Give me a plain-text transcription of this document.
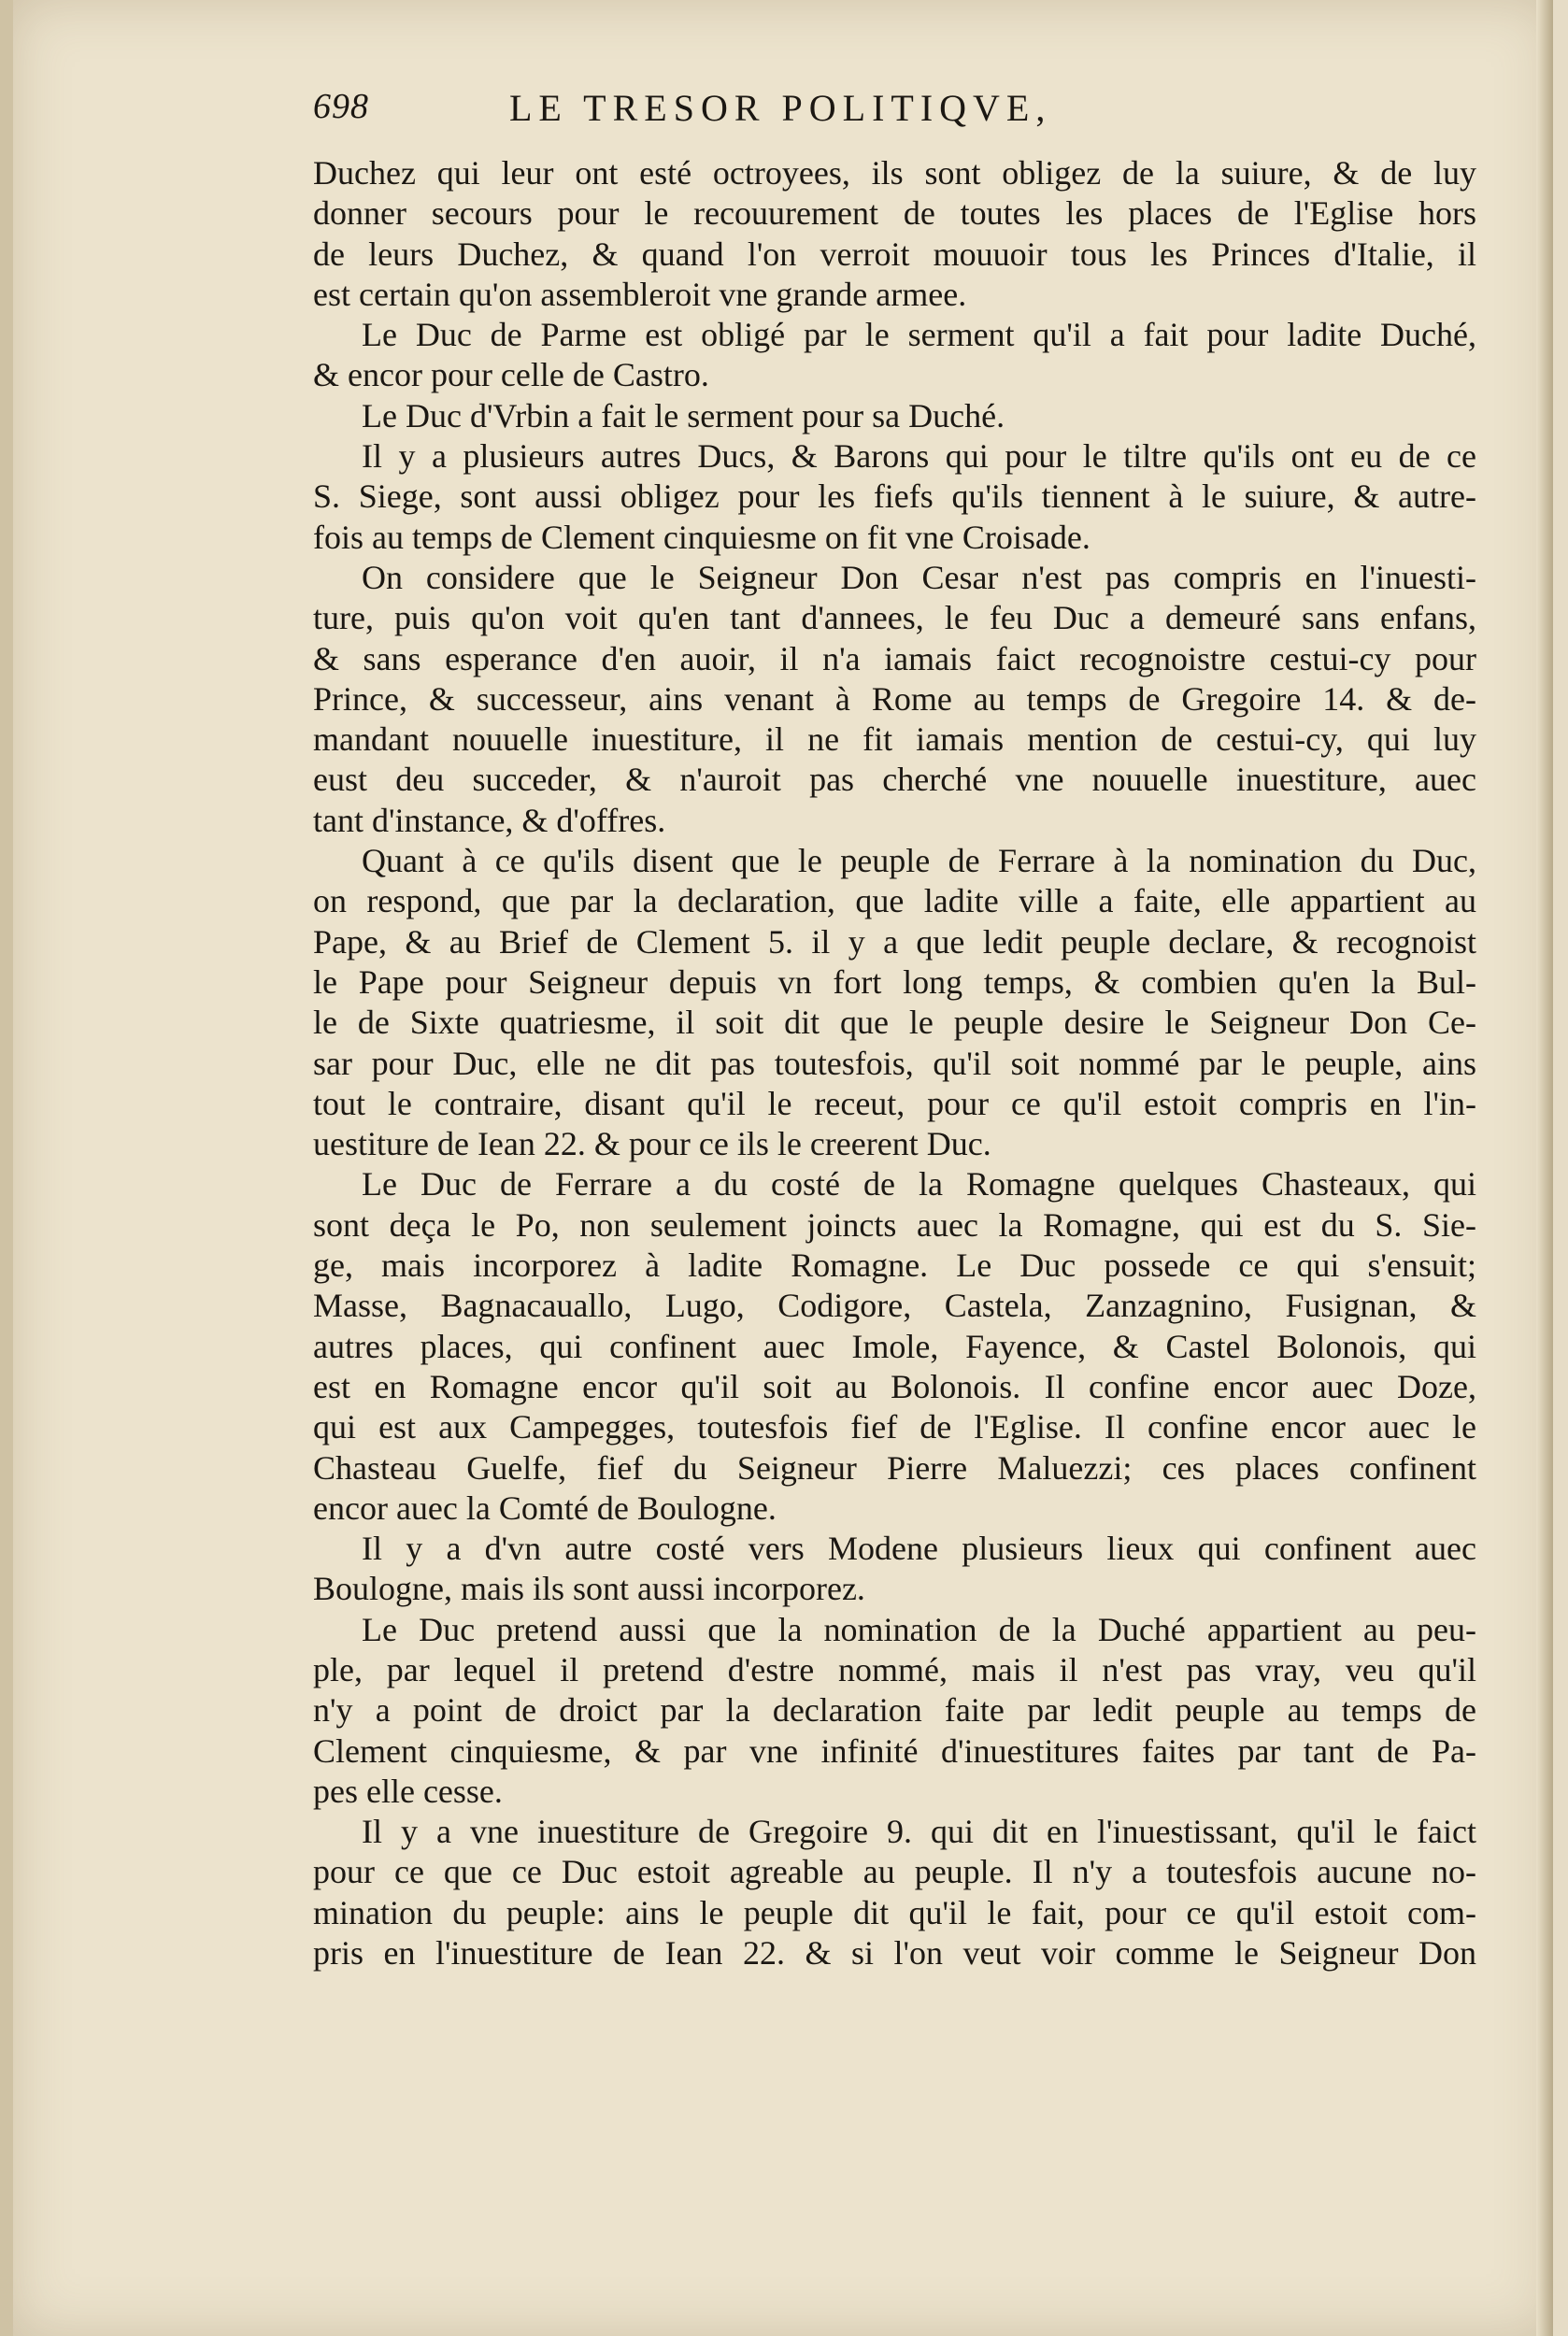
698	LE TRESOR POLITIQVE,
Duchez qui leur ont esté octroyees, ils sont obligez de la suiure, & de luy
donner secours pour le recouurement de toutes les places de l'Eglise hors
de leurs Duchez, & quand l'on verroit mouuoir tous les Princes d'Italie, il
est certain qu'on assembleroit vne grande armee.
Le Duc de Parme est obligé par le serment qu'il a fait pour ladite Duché,
& encor pour celle de Castro.
Le Duc d'Vrbin a fait le serment pour sa Duché.
Il y a plusieurs autres Ducs, & Barons qui pour le tiltre qu'ils ont eu de ce
S. Siege, sont aussi obligez pour les fiefs qu'ils tiennent à le suiure, & autre-
fois au temps de Clement cinquiesme on fit vne Croisade.
On considere que le Seigneur Don Cesar n'est pas compris en l'inuesti-
ture, puis qu'on voit qu'en tant d'annees, le feu Duc a demeuré sans enfans,
& sans esperance d'en auoir, il n'a iamais faict recognoistre cestui-cy pour
Prince, & successeur, ains venant à Rome au temps de Gregoire 14. & de-
mandant nouuelle inuestiture, il ne fit iamais mention de cestui-cy, qui luy
eust deu succeder, & n'auroit pas cherché vne nouuelle inuestiture, auec
tant d'instance, & d'offres.
Quant à ce qu'ils disent que le peuple de Ferrare à la nomination du Duc,
on respond, que par la declaration, que ladite ville a faite, elle appartient au
Pape, & au Brief de Clement 5. il y a que ledit peuple declare, & recognoist
le Pape pour Seigneur depuis vn fort long temps, & combien qu'en la Bul-
le de Sixte quatriesme, il soit dit que le peuple desire le Seigneur Don Ce-
sar pour Duc, elle ne dit pas toutesfois, qu'il soit nommé par le peuple, ains
tout le contraire, disant qu'il le receut, pour ce qu'il estoit compris en l'in-
uestiture de Iean 22. & pour ce ils le creerent Duc.
Le Duc de Ferrare a du costé de la Romagne quelques Chasteaux, qui
sont deça le Po, non seulement joincts auec la Romagne, qui est du S. Sie-
ge, mais incorporez à ladite Romagne. Le Duc possede ce qui s'ensuit;
Masse, Bagnacauallo, Lugo, Codigore, Castela, Zanzagnino, Fusignan, &
autres places, qui confinent auec Imole, Fayence, & Castel Bolonois, qui
est en Romagne encor qu'il soit au Bolonois. Il confine encor auec Doze,
qui est aux Campegges, toutesfois fief de l'Eglise. Il confine encor auec le
Chasteau Guelfe, fief du Seigneur Pierre Maluezzi; ces places confinent
encor auec la Comté de Boulogne.
Il y a d'vn autre costé vers Modene plusieurs lieux qui confinent auec
Boulogne, mais ils sont aussi incorporez.
Le Duc pretend aussi que la nomination de la Duché appartient au peu-
ple, par lequel il pretend d'estre nommé, mais il n'est pas vray, veu qu'il
n'y a point de droict par la declaration faite par ledit peuple au temps de
Clement cinquiesme, & par vne infinité d'inuestitures faites par tant de Pa-
pes elle cesse.
Il y a vne inuestiture de Gregoire 9. qui dit en l'inuestissant, qu'il le faict
pour ce que ce Duc estoit agreable au peuple. Il n'y a toutesfois aucune no-
mination du peuple: ains le peuple dit qu'il le fait, pour ce qu'il estoit com-
pris en l'inuestiture de Iean 22. & si l'on veut voir comme le Seigneur Don
